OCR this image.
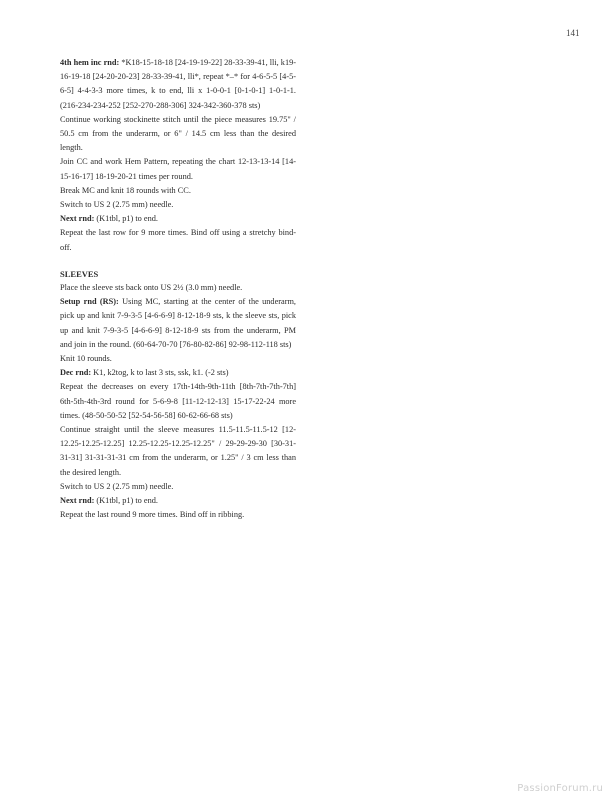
141

4th hem inc rnd: *K18-15-18-18 [24-19-19-22] 28-33-39-41, lli, k19-16-19-18 [24-20-20-23] 28-33-39-41, lli*, repeat *–* for 4-6-5-5 [4-5-6-5] 4-4-3-3 more times, k to end, lli x 1-0-0-1 [0-1-0-1] 1-0-1-1. (216-234-234-252 [252-270-288-306] 324-342-360-378 sts)

Continue working stockinette stitch until the piece measures 19.75" / 50.5 cm from the underarm, or 6" / 14.5 cm less than the desired length.

Join CC and work Hem Pattern, repeating the chart 12-13-13-14 [14-15-16-17] 18-19-20-21 times per round.

Break MC and knit 18 rounds with CC.

Switch to US 2 (2.75 mm) needle.

Next rnd: (K1tbl, p1) to end.

Repeat the last row for 9 more times. Bind off using a stretchy bind-off.

SLEEVES

Place the sleeve sts back onto US 2½ (3.0 mm) needle.

Setup rnd (RS): Using MC, starting at the center of the underarm, pick up and knit 7-9-3-5 [4-6-6-9] 8-12-18-9 sts, k the sleeve sts, pick up and knit 7-9-3-5 [4-6-6-9] 8-12-18-9 sts from the underarm, PM and join in the round. (60-64-70-70 [76-80-82-86] 92-98-112-118 sts)

Knit 10 rounds.

Dec rnd: K1, k2tog, k to last 3 sts, ssk, k1. (-2 sts)

Repeat the decreases on every 17th-14th-9th-11th [8th-7th-7th-7th] 6th-5th-4th-3rd round for 5-6-9-8 [11-12-12-13] 15-17-22-24 more times. (48-50-50-52 [52-54-56-58] 60-62-66-68 sts)

Continue straight until the sleeve measures 11.5-11.5-11.5-12 [12-12.25-12.25-12.25] 12.25-12.25-12.25-12.25" / 29-29-29-30 [30-31-31-31] 31-31-31-31 cm from the underarm, or 1.25" / 3 cm less than the desired length.

Switch to US 2 (2.75 mm) needle.

Next rnd: (K1tbl, p1) to end.

Repeat the last round 9 more times. Bind off in ribbing.

PassionForum.ru
